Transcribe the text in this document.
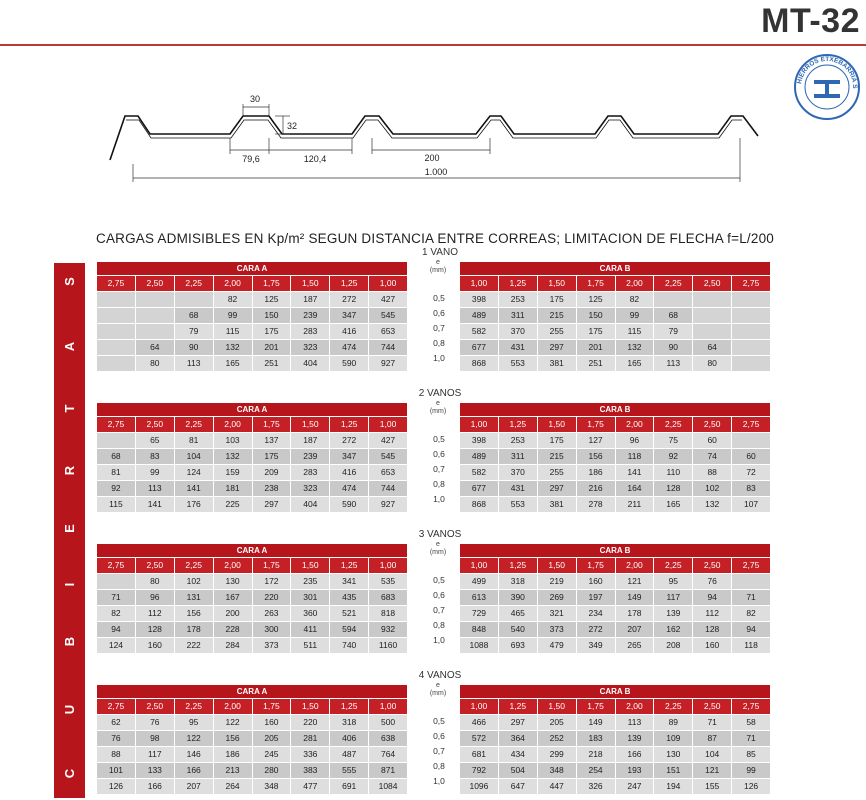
MT-32
30
32
79,6	120,4	200
1.000
HIERROS ETXEBARRIA S
CARGAS ADMISIBLES EN Kp/m² SEGUN DISTANCIA ENTRE CORREAS; LIMITACION DE FLECHA f=L/200
S
A
T
R
E
I
B
U
C
1 VANO
e
(mm)
0,5
0,6
0,7
0,8
1,0
CARA A							
2,75	2,50	2,25	2,00	1,75	1,50	1,25	1,00
			82	125	187	272	427
		68	99	150	239	347	545
		79	115	175	283	416	653
	64	90	132	201	323	474	744
	80	113	165	251	404	590	927
CARA B							
1,00	1,25	1,50	1,75	2,00	2,25	2,50	2,75
398	253	175	125	82			
489	311	215	150	99	68		
582	370	255	175	115	79		
677	431	297	201	132	90	64	
868	553	381	251	165	113	80	
2 VANOS
e
(mm)
0,5
0,6
0,7
0,8
1,0
CARA A							
2,75	2,50	2,25	2,00	1,75	1,50	1,25	1,00
	65	81	103	137	187	272	427
68	83	104	132	175	239	347	545
81	99	124	159	209	283	416	653
92	113	141	181	238	323	474	744
115	141	176	225	297	404	590	927
CARA B							
1,00	1,25	1,50	1,75	2,00	2,25	2,50	2,75
398	253	175	127	96	75	60	
489	311	215	156	118	92	74	60
582	370	255	186	141	110	88	72
677	431	297	216	164	128	102	83
868	553	381	278	211	165	132	107
3 VANOS
e
(mm)
0,5
0,6
0,7
0,8
1,0
CARA A							
2,75	2,50	2,25	2,00	1,75	1,50	1,25	1,00
	80	102	130	172	235	341	535
71	96	131	167	220	301	435	683
82	112	156	200	263	360	521	818
94	128	178	228	300	411	594	932
124	160	222	284	373	511	740	1160
CARA B							
1,00	1,25	1,50	1,75	2,00	2,25	2,50	2,75
499	318	219	160	121	95	76	
613	390	269	197	149	117	94	71
729	465	321	234	178	139	112	82
848	540	373	272	207	162	128	94
1088	693	479	349	265	208	160	118
4 VANOS
e
(mm)
0,5
0,6
0,7
0,8
1,0
CARA A							
2,75	2,50	2,25	2,00	1,75	1,50	1,25	1,00
62	76	95	122	160	220	318	500
76	98	122	156	205	281	406	638
88	117	146	186	245	336	487	764
101	133	166	213	280	383	555	871
126	166	207	264	348	477	691	1084
CARA B							
1,00	1,25	1,50	1,75	2,00	2,25	2,50	2,75
466	297	205	149	113	89	71	58
572	364	252	183	139	109	87	71
681	434	299	218	166	130	104	85
792	504	348	254	193	151	121	99
1096	647	447	326	247	194	155	126
